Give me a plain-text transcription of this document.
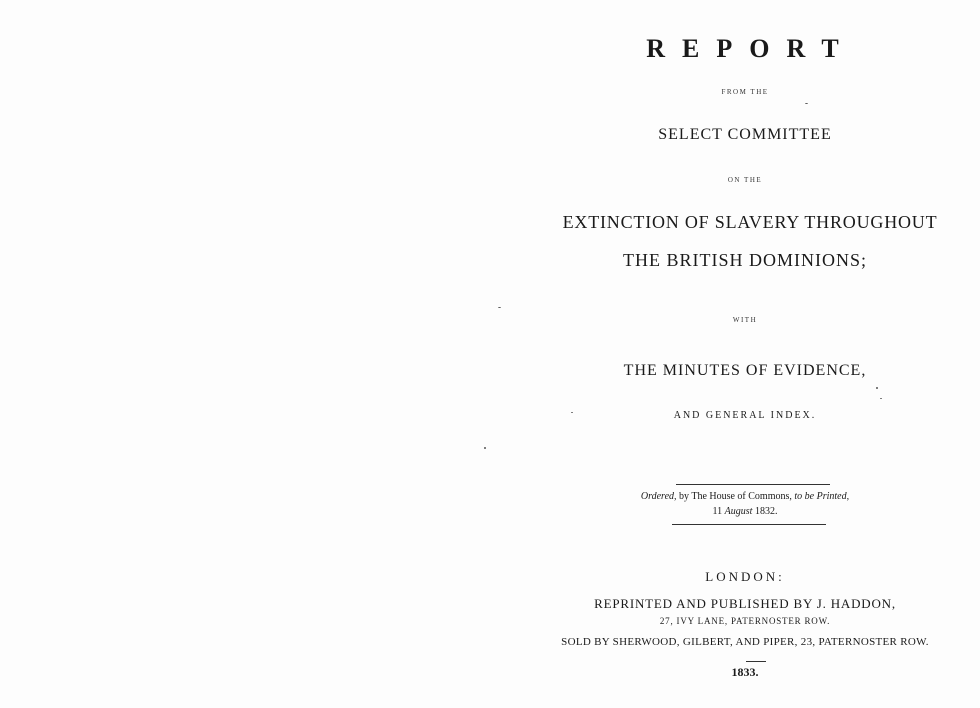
REPORT
FROM THE
SELECT COMMITTEE
ON THE
EXTINCTION OF SLAVERY THROUGHOUT
THE BRITISH DOMINIONS;
WITH
THE MINUTES OF EVIDENCE,
AND GENERAL INDEX.
Ordered, by The House of Commons, to be Printed,
11 August 1832.
LONDON:
REPRINTED AND PUBLISHED BY J. HADDON,
27, IVY LANE, PATERNOSTER ROW.
SOLD BY SHERWOOD, GILBERT, AND PIPER, 23, PATERNOSTER ROW.
1833.
